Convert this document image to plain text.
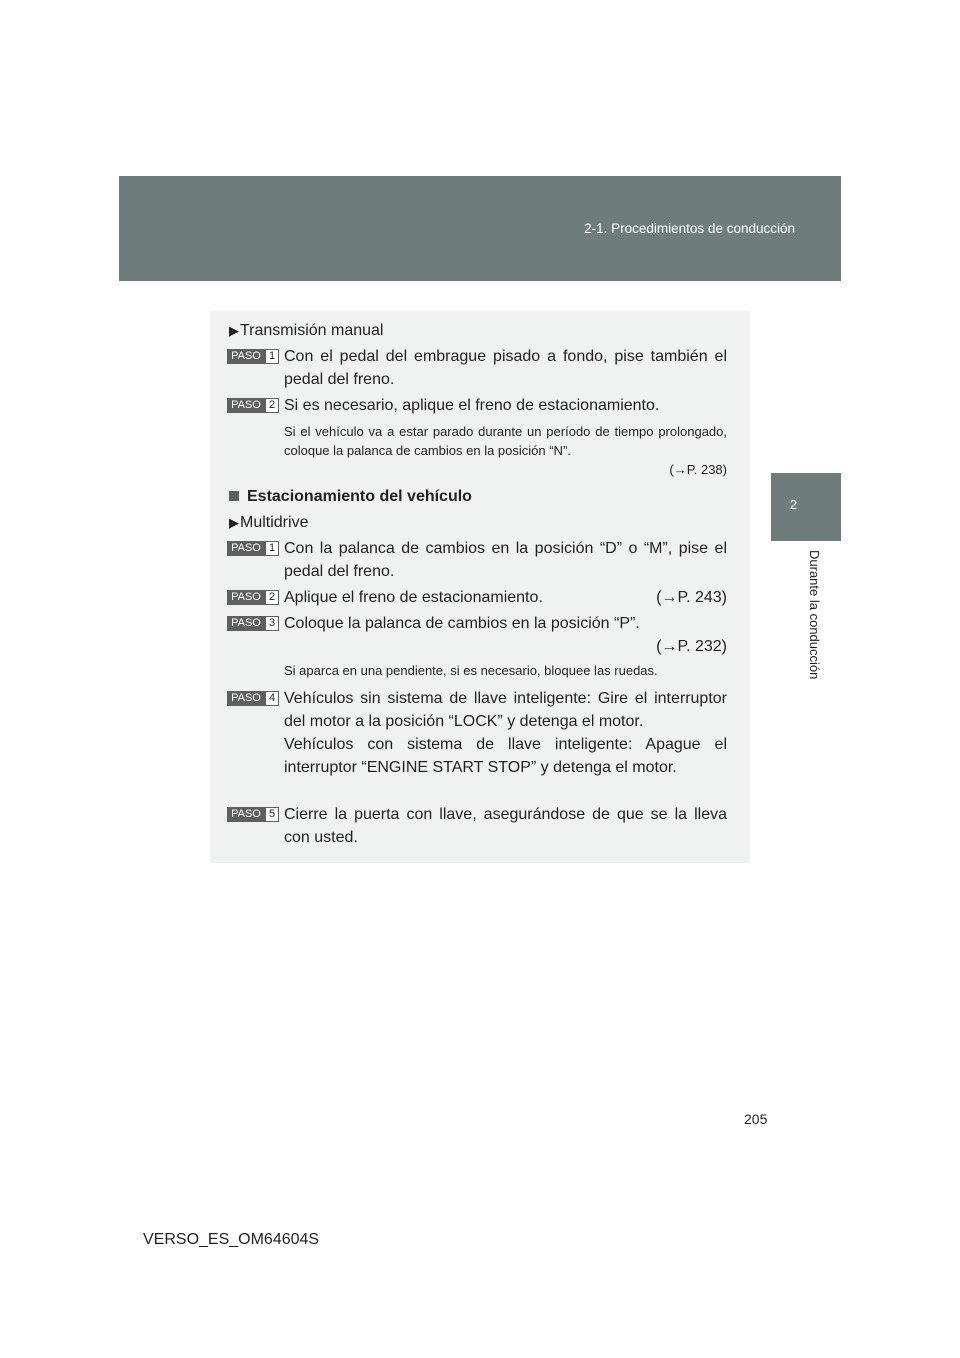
2-1. Procedimientos de conducción
2
Durante la conducción
▶Transmisión manual
PASO 1 Con el pedal del embrague pisado a fondo, pise también el pedal del freno.
PASO 2 Si es necesario, aplique el freno de estacionamiento.
Si el vehículo va a estar parado durante un período de tiempo prolongado, coloque la palanca de cambios en la posición “N”.
(→P. 238)
Estacionamiento del vehículo
▶Multidrive
PASO 1 Con la palanca de cambios en la posición “D” o “M”, pise el pedal del freno.
PASO 2	(→P. 243)
Aplique el freno de estacionamiento.
PASO 3 Coloque la palanca de cambios en la posición “P”.
(→P. 232)
Si aparca en una pendiente, si es necesario, bloquee las ruedas.
PASO 4 Vehículos sin sistema de llave inteligente: Gire el interruptor del motor a la posición “LOCK” y detenga el motor.
Vehículos con sistema de llave inteligente: Apague el interruptor “ENGINE START STOP” y detenga el motor.
PASO 5 Cierre la puerta con llave, asegurándose de que se la lleva con usted.
205
VERSO_ES_OM64604S
